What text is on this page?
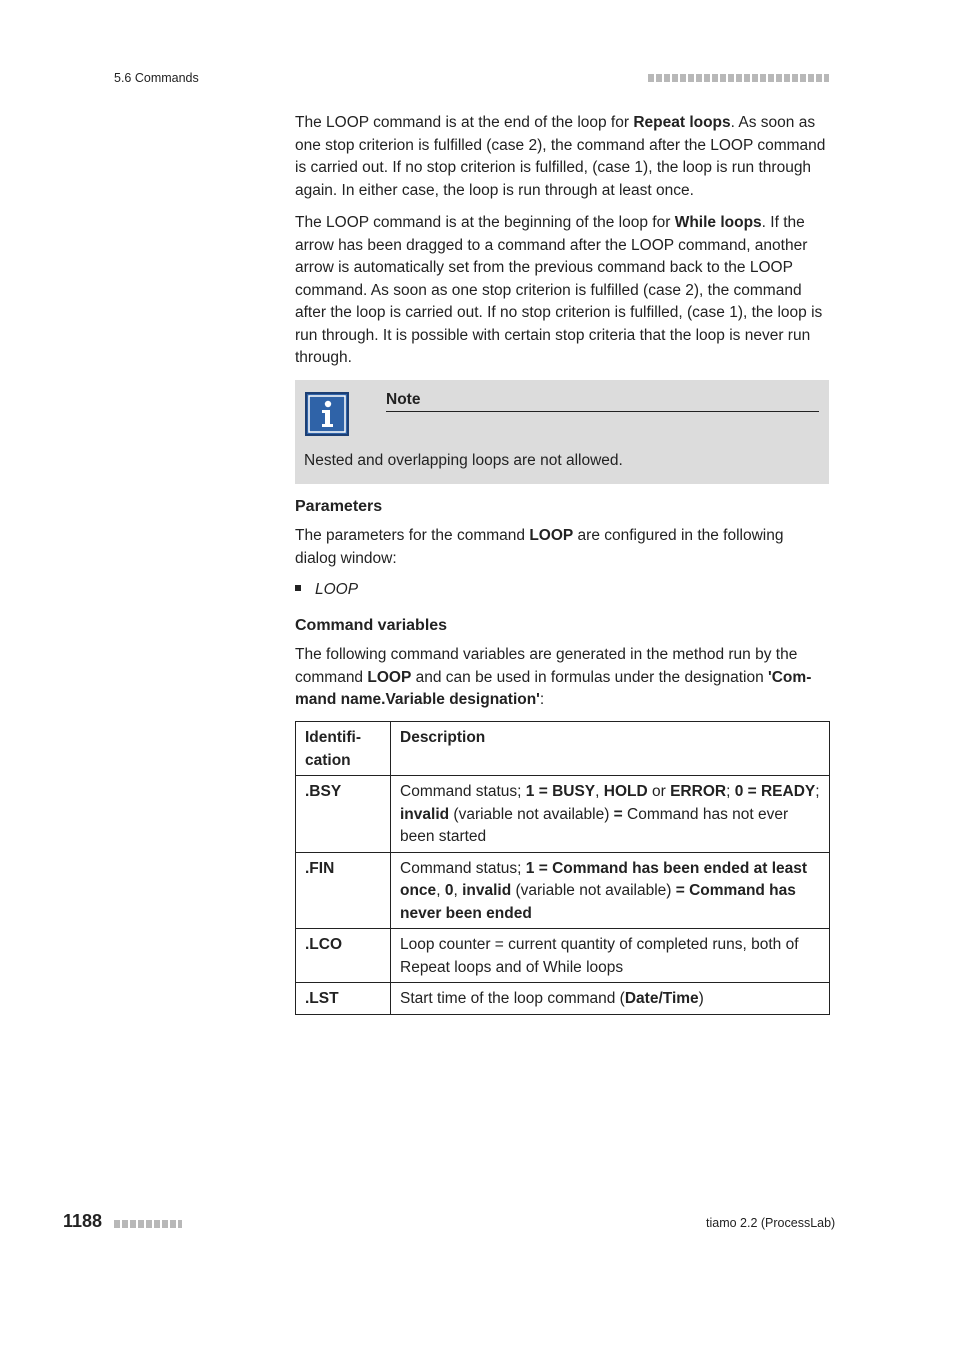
5.6 Commands

The LOOP command is at the end of the loop for Repeat loops. As soon as one stop criterion is fulfilled (case 2), the command after the LOOP command is carried out. If no stop criterion is fulfilled, (case 1), the loop is run through again. In either case, the loop is run through at least once.

The LOOP command is at the beginning of the loop for While loops. If the arrow has been dragged to a command after the LOOP command, another arrow is automatically set from the previous command back to the LOOP command. As soon as one stop criterion is fulfilled (case 2), the command after the loop is carried out. If no stop criterion is fulfilled, (case 1), the loop is run through. It is possible with certain stop criteria that the loop is never run through.

Note
Nested and overlapping loops are not allowed.
Parameters
The parameters for the command LOOP are configured in the following dialog window:
LOOP
Command variables
The following command variables are generated in the method run by the command LOOP and can be used in formulas under the designation 'Command name.Variable designation':
Identification	Description
.BSY	Command status; 1 = BUSY, HOLD or ERROR; 0 = READY; invalid (variable not available) = Command has not ever been started
.FIN	Command status; 1 = Command has been ended at least once, 0, invalid (variable not available) = Command has never been ended
.LCO	Loop counter = current quantity of completed runs, both of Repeat loops and of While loops
.LST	Start time of the loop command (Date/Time)
1188	tiamo 2.2 (ProcessLab)
